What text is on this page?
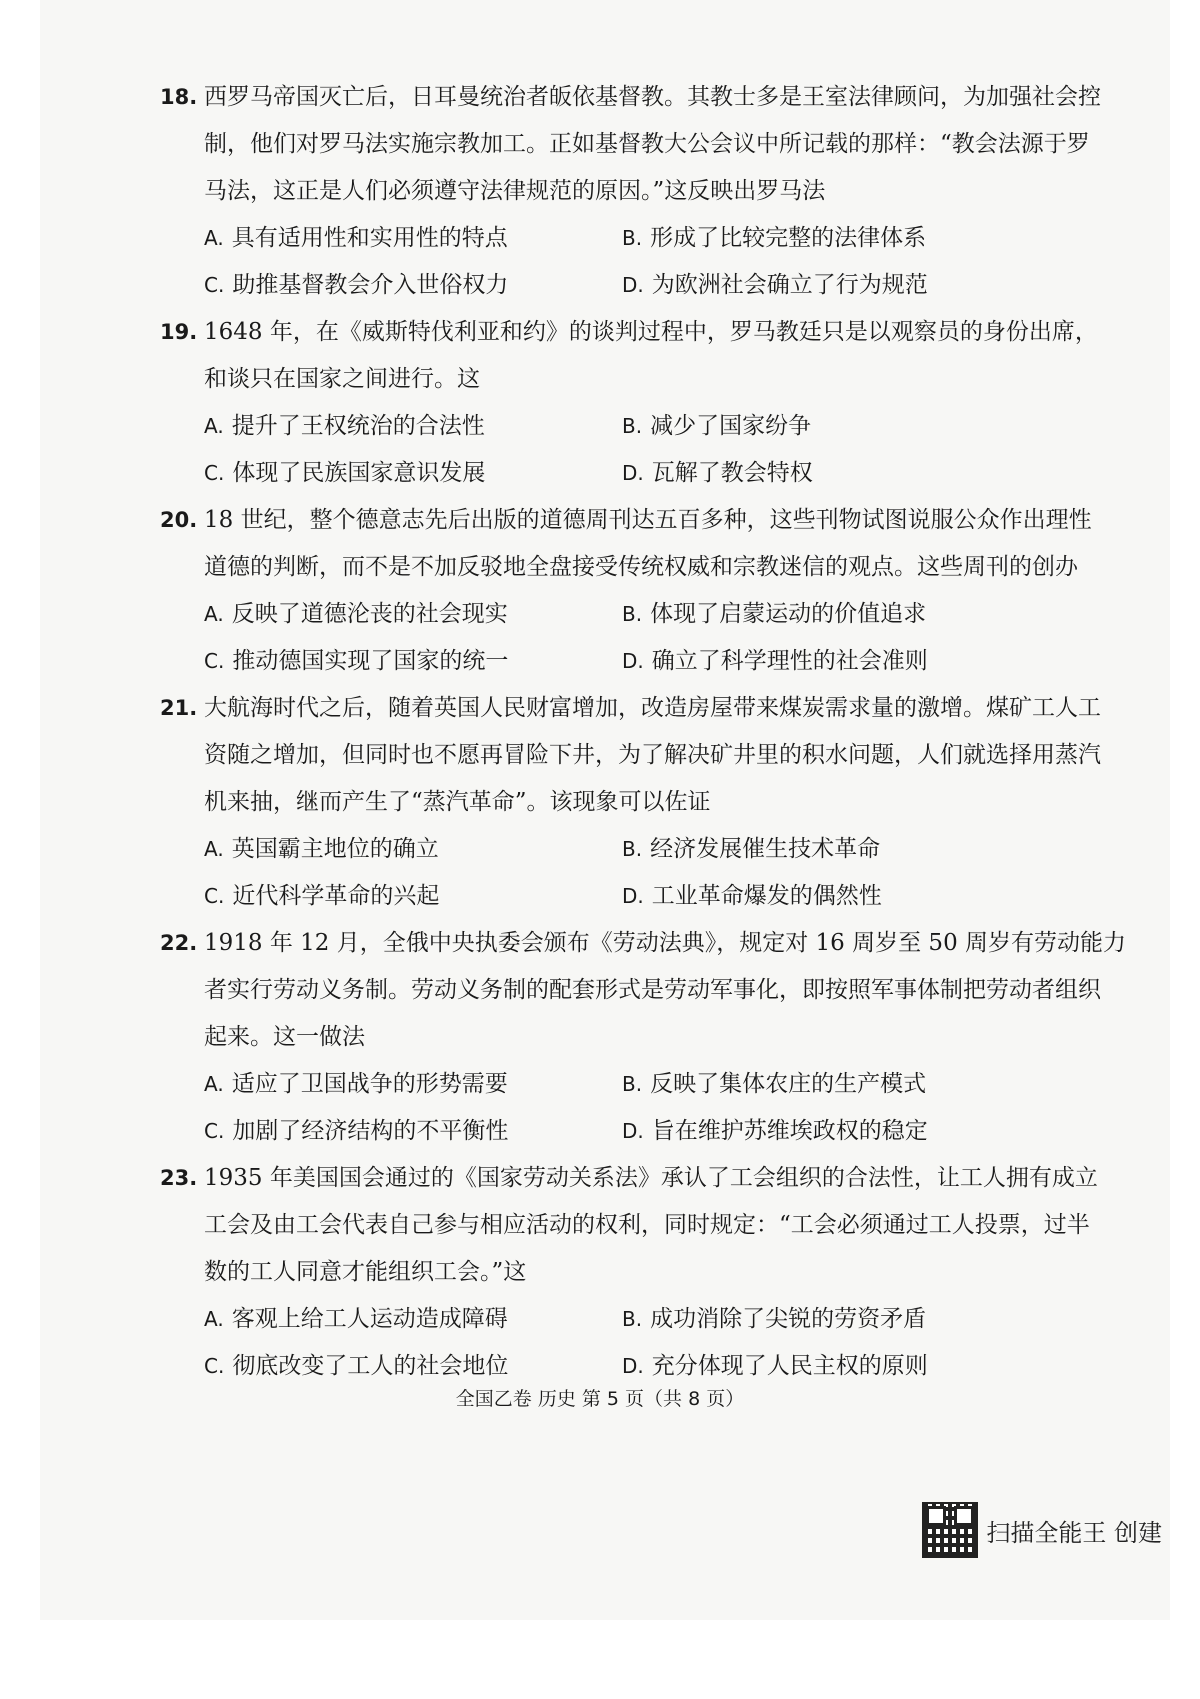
18. 西罗马帝国灭亡后，日耳曼统治者皈依基督教。其教士多是王室法律顾问，为加强社会控
制，他们对罗马法实施宗教加工。正如基督教大公会议中所记载的那样：“教会法源于罗
马法，这正是人们必须遵守法律规范的原因。”这反映出罗马法
A. 具有适用性和实用性的特点	B. 形成了比较完整的法律体系
C. 助推基督教会介入世俗权力	D. 为欧洲社会确立了行为规范
19. 1648 年，在《威斯特伐利亚和约》的谈判过程中，罗马教廷只是以观察员的身份出席，
和谈只在国家之间进行。这
A. 提升了王权统治的合法性	B. 减少了国家纷争
C. 体现了民族国家意识发展	D. 瓦解了教会特权
20. 18 世纪，整个德意志先后出版的道德周刊达五百多种，这些刊物试图说服公众作出理性
道德的判断，而不是不加反驳地全盘接受传统权威和宗教迷信的观点。这些周刊的创办
A. 反映了道德沦丧的社会现实	B. 体现了启蒙运动的价值追求
C. 推动德国实现了国家的统一	D. 确立了科学理性的社会准则
21. 大航海时代之后，随着英国人民财富增加，改造房屋带来煤炭需求量的激增。煤矿工人工
资随之增加，但同时也不愿再冒险下井，为了解决矿井里的积水问题，人们就选择用蒸汽
机来抽，继而产生了“蒸汽革命”。该现象可以佐证
A. 英国霸主地位的确立	B. 经济发展催生技术革命
C. 近代科学革命的兴起	D. 工业革命爆发的偶然性
22. 1918 年 12 月，全俄中央执委会颁布《劳动法典》，规定对 16 周岁至 50 周岁有劳动能力
者实行劳动义务制。劳动义务制的配套形式是劳动军事化，即按照军事体制把劳动者组织
起来。这一做法
A. 适应了卫国战争的形势需要	B. 反映了集体农庄的生产模式
C. 加剧了经济结构的不平衡性	D. 旨在维护苏维埃政权的稳定
23. 1935 年美国国会通过的《国家劳动关系法》承认了工会组织的合法性，让工人拥有成立
工会及由工会代表自己参与相应活动的权利，同时规定：“工会必须通过工人投票，过半
数的工人同意才能组织工会。”这
A. 客观上给工人运动造成障碍	B. 成功消除了尖锐的劳资矛盾
C. 彻底改变了工人的社会地位	D. 充分体现了人民主权的原则
全国乙卷 历史 第 5 页（共 8 页）
扫描全能王 创建
